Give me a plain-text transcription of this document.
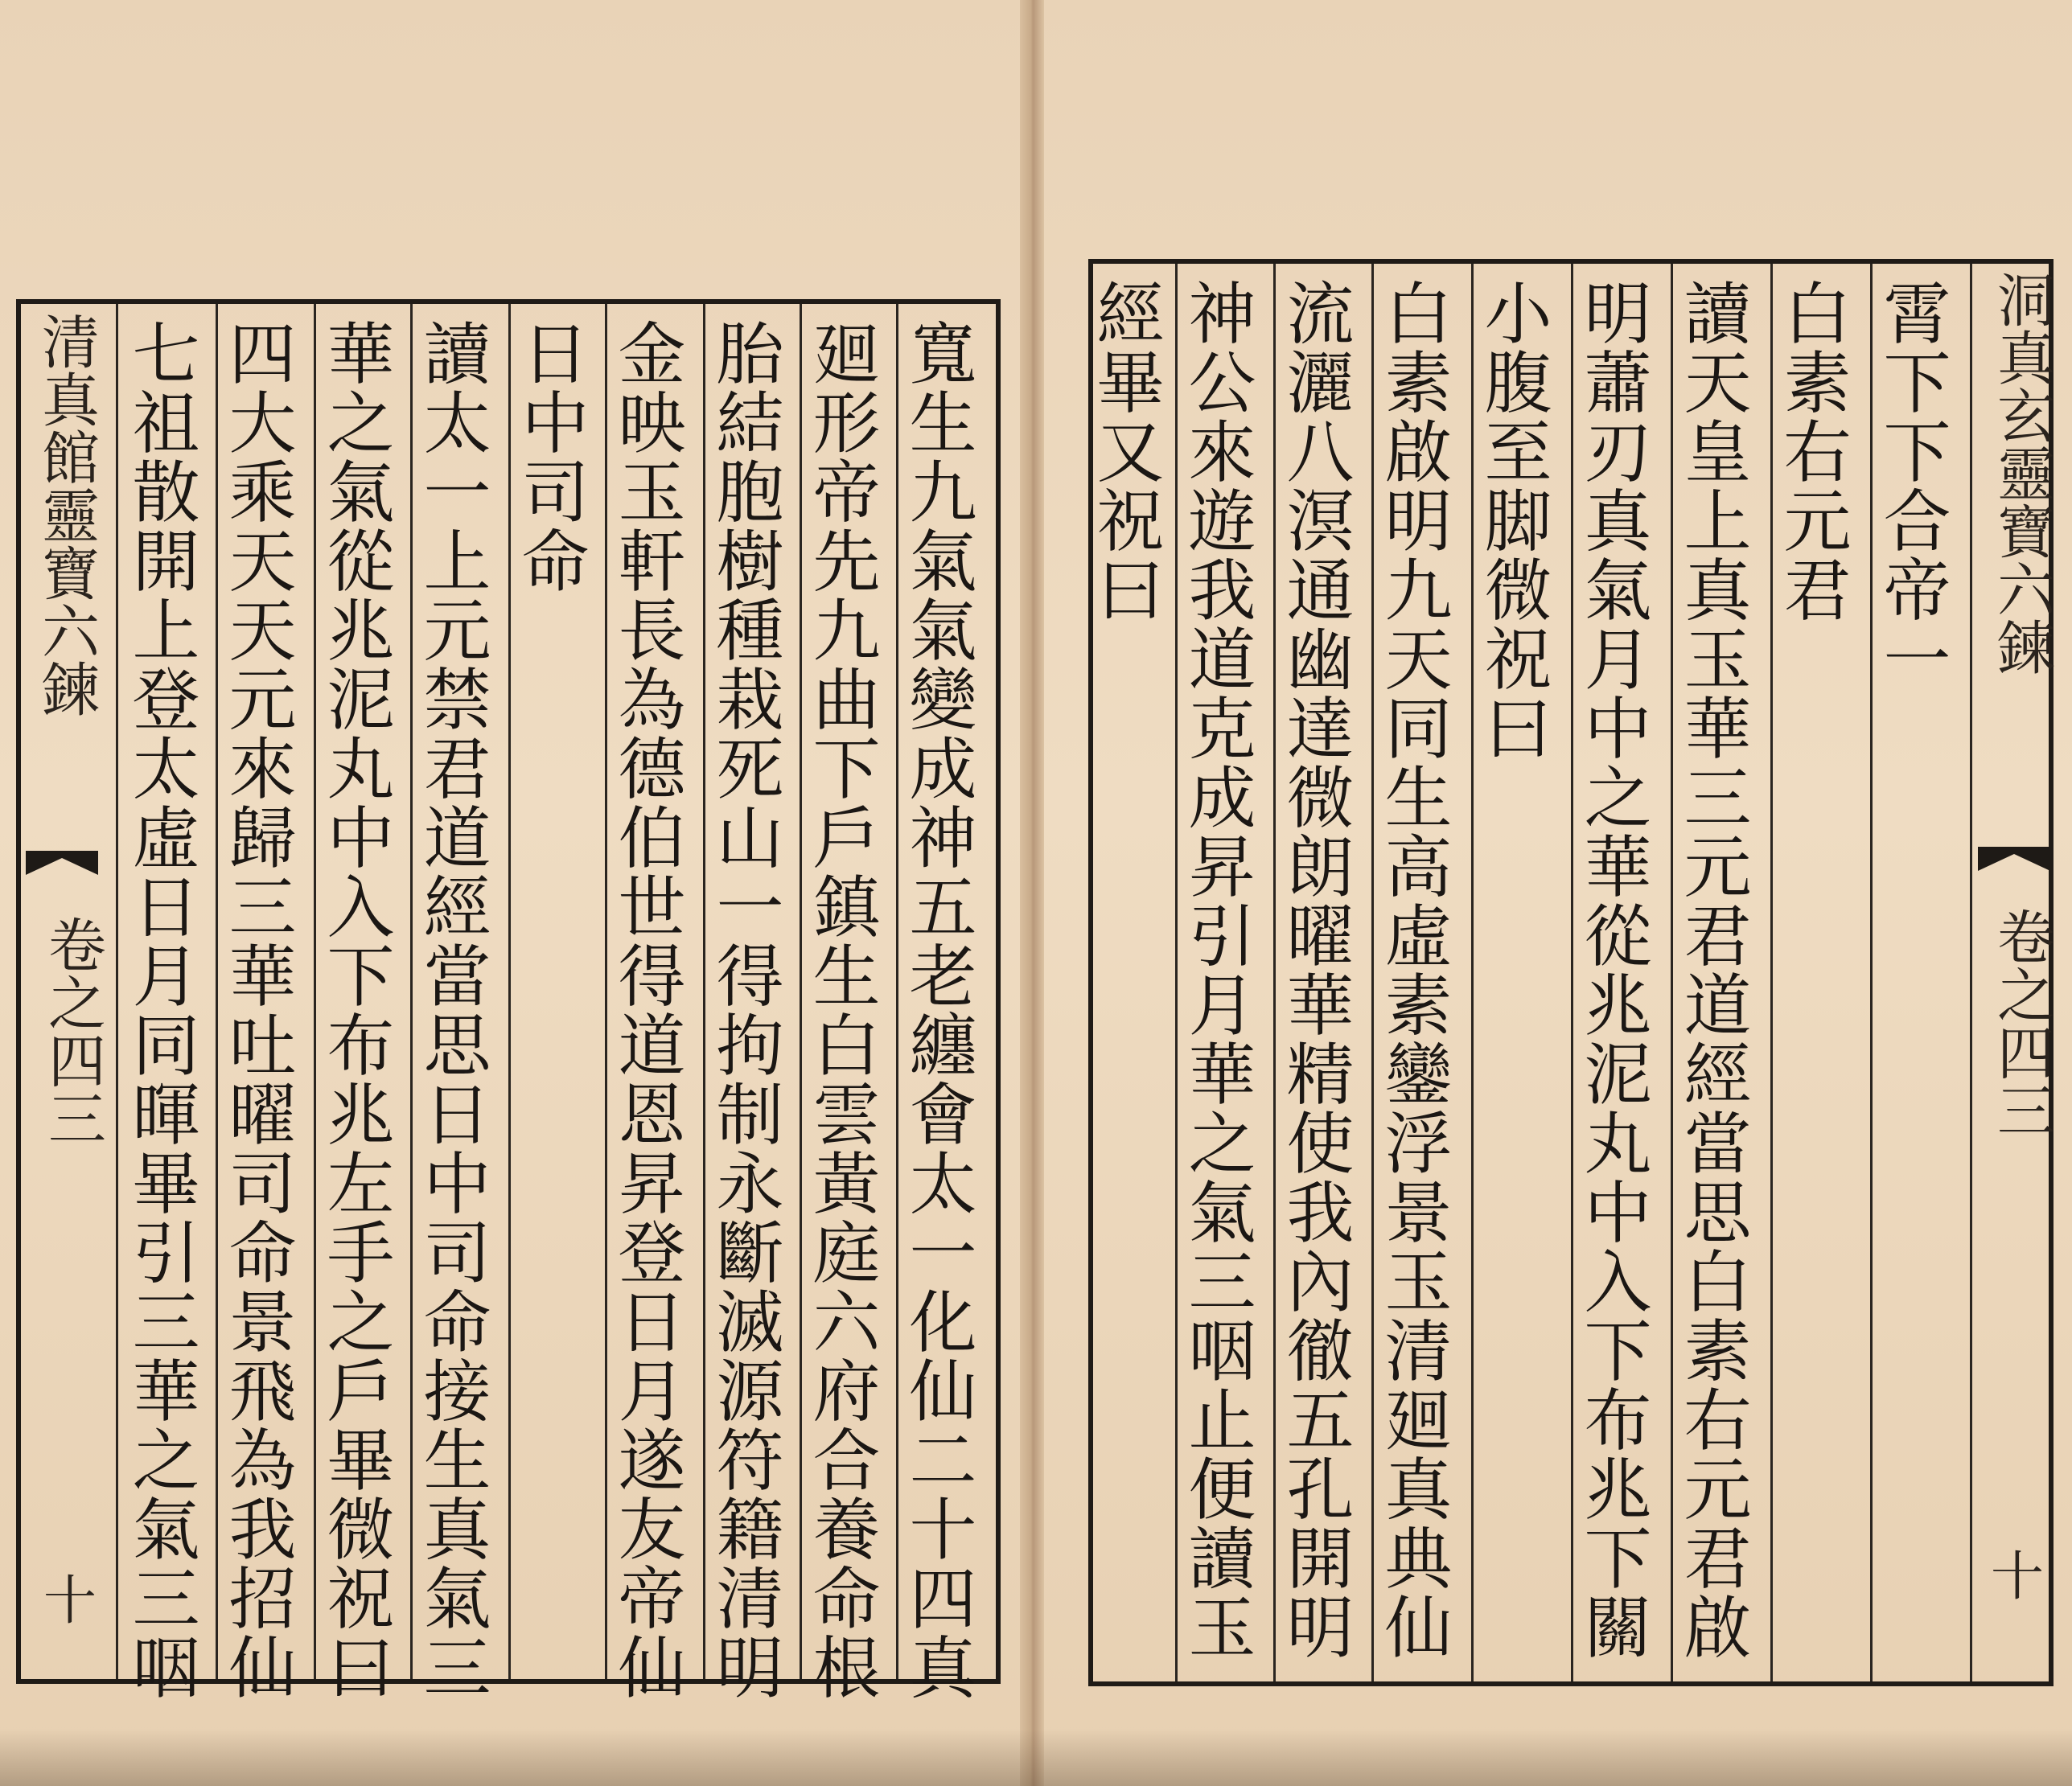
寬生九氣氣變成神五老纏會太一化仙二十四真
廻形帝先九曲下戶鎮生白雲黃庭六府合養命根
胎結胞樹種栽死山一得拘制永斷滅源符籍清明
金映玉軒長為德伯世得道恩昇登日月遂友帝仙
日中司命
讀太一上元禁君道經當思日中司命接生真氣三
華之氣從兆泥丸中入下布兆左手之戶畢微祝曰
四大乘天天元來歸三華吐曜司命景飛為我招仙
七祖散開上登太虛日月同暉畢引三華之氣三咽
清真館靈寶六鍊
卷之四三
十

洞真玄靈寶六鍊
卷之四三
十
霄下下合帝一
白素右元君
讀天皇上真玉華三元君道經當思白素右元君啟
明蕭刃真氣月中之華從兆泥丸中入下布兆下關
小腹至脚微祝曰
白素啟明九天同生高虛素鑾浮景玉清廻真典仙
流灑八溟通幽達微朗曜華精使我內徹五孔開明
神公來遊我道克成昇引月華之氣三咽止便讀玉
經畢又祝曰
